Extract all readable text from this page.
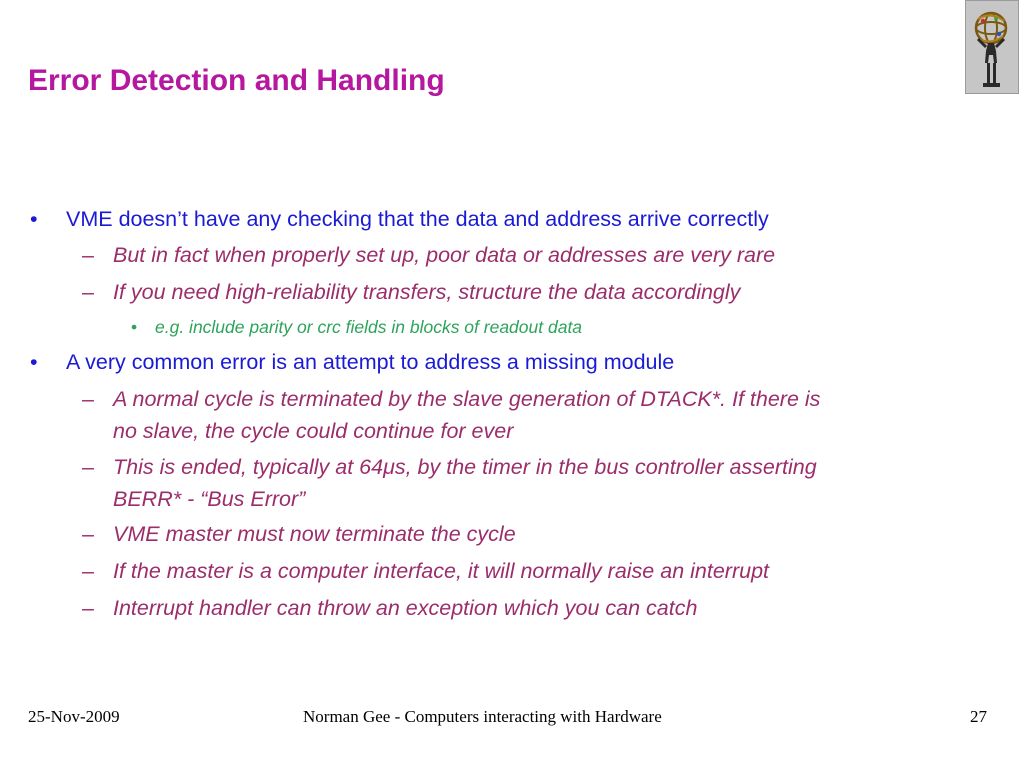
Error Detection and Handling
• VME doesn’t have any checking that the data and address arrive correctly
– But in fact when properly set up, poor data or addresses are very rare
– If you need high-reliability transfers, structure the data accordingly
• e.g. include parity or crc fields in blocks of readout data
• A very common error is an attempt to address a missing module
– A normal cycle is terminated by the slave generation of DTACK*. If there is
no slave, the cycle could continue for ever
– This is ended, typically at 64μs, by the timer in the bus controller asserting
BERR* - “Bus Error”
– VME master must now terminate the cycle
– If the master is a computer interface, it will normally raise an interrupt
– Interrupt handler can throw an exception which you can catch
25-Nov-2009	Norman Gee - Computers interacting with Hardware	27
